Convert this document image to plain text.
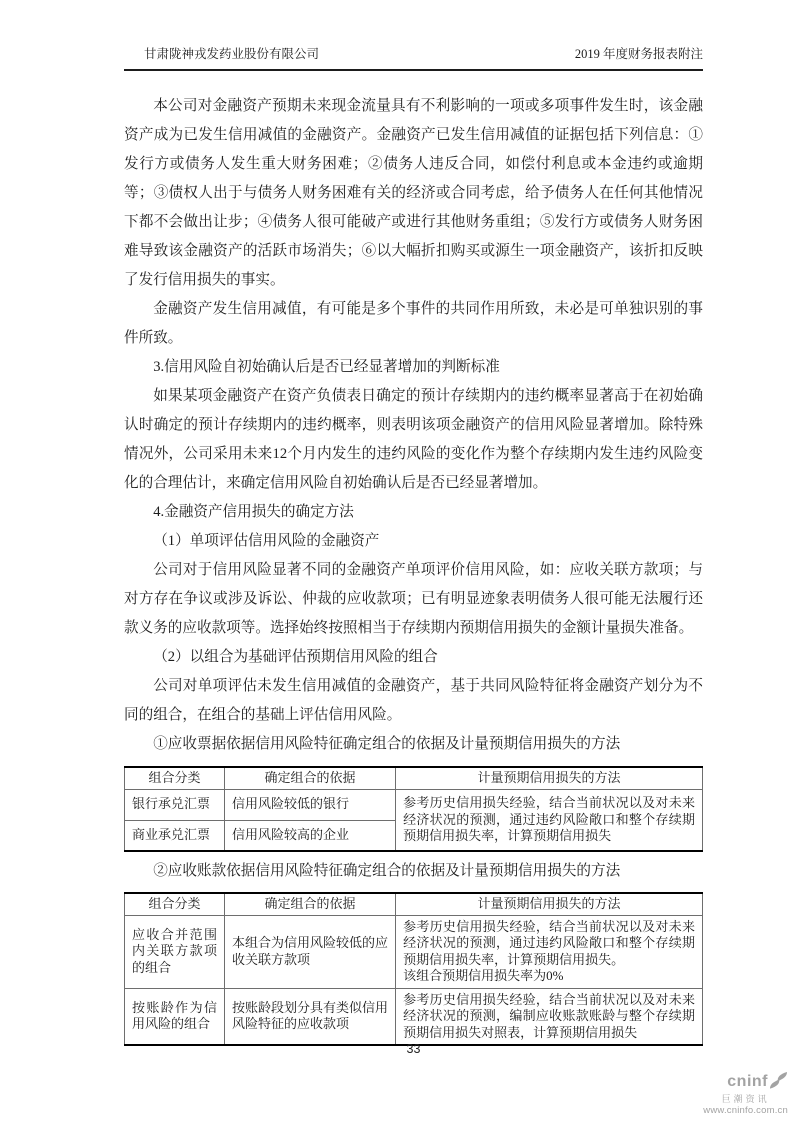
甘肃陇神戎发药业股份有限公司	2019 年度财务报表附注

本公司对金融资产预期未来现金流量具有不利影响的一项或多项事件发生时，该金融资产成为已发生信用减值的金融资产。金融资产已发生信用减值的证据包括下列信息：①发行方或债务人发生重大财务困难；②债务人违反合同，如偿付利息或本金违约或逾期等；③债权人出于与债务人财务困难有关的经济或合同考虑，给予债务人在任何其他情况下都不会做出让步；④债务人很可能破产或进行其他财务重组；⑤发行方或债务人财务困难导致该金融资产的活跃市场消失；⑥以大幅折扣购买或源生一项金融资产，该折扣反映了发行信用损失的事实。

金融资产发生信用减值，有可能是多个事件的共同作用所致，未必是可单独识别的事件所致。

3.信用风险自初始确认后是否已经显著增加的判断标准

如果某项金融资产在资产负债表日确定的预计存续期内的违约概率显著高于在初始确认时确定的预计存续期内的违约概率，则表明该项金融资产的信用风险显著增加。除特殊情况外，公司采用未来12个月内发生的违约风险的变化作为整个存续期内发生违约风险变化的合理估计，来确定信用风险自初始确认后是否已经显著增加。

4.金融资产信用损失的确定方法

（1）单项评估信用风险的金融资产

公司对于信用风险显著不同的金融资产单项评价信用风险，如：应收关联方款项；与对方存在争议或涉及诉讼、仲裁的应收款项；已有明显迹象表明债务人很可能无法履行还款义务的应收款项等。选择始终按照相当于存续期内预期信用损失的金额计量损失准备。

（2）以组合为基础评估预期信用风险的组合

公司对单项评估未发生信用减值的金融资产，基于共同风险特征将金融资产划分为不同的组合，在组合的基础上评估信用风险。

①应收票据依据信用风险特征确定组合的依据及计量预期信用损失的方法

组合分类	确定组合的依据	计量预期信用损失的方法
银行承兑汇票	信用风险较低的银行	参考历史信用损失经验，结合当前状况以及对未来经济状况的预测，通过违约风险敞口和整个存续期预期信用损失率，计算预期信用损失
商业承兑汇票	信用风险较高的企业	

②应收账款依据信用风险特征确定组合的依据及计量预期信用损失的方法

组合分类	确定组合的依据	计量预期信用损失的方法
应收合并范围内关联方款项的组合	本组合为信用风险较低的应收关联方款项	参考历史信用损失经验，结合当前状况以及对未来经济状况的预测，通过违约风险敞口和整个存续期预期信用损失率，计算预期信用损失。
该组合预期信用损失率为0%

按账龄作为信用风险的组合	按账龄段划分具有类似信用风险特征的应收款项	参考历史信用损失经验，结合当前状况以及对未来经济状况的预测，编制应收账款账龄与整个存续期预期信用损失对照表，计算预期信用损失
33
cninf
巨潮资讯
www.cninfo.com.cn
